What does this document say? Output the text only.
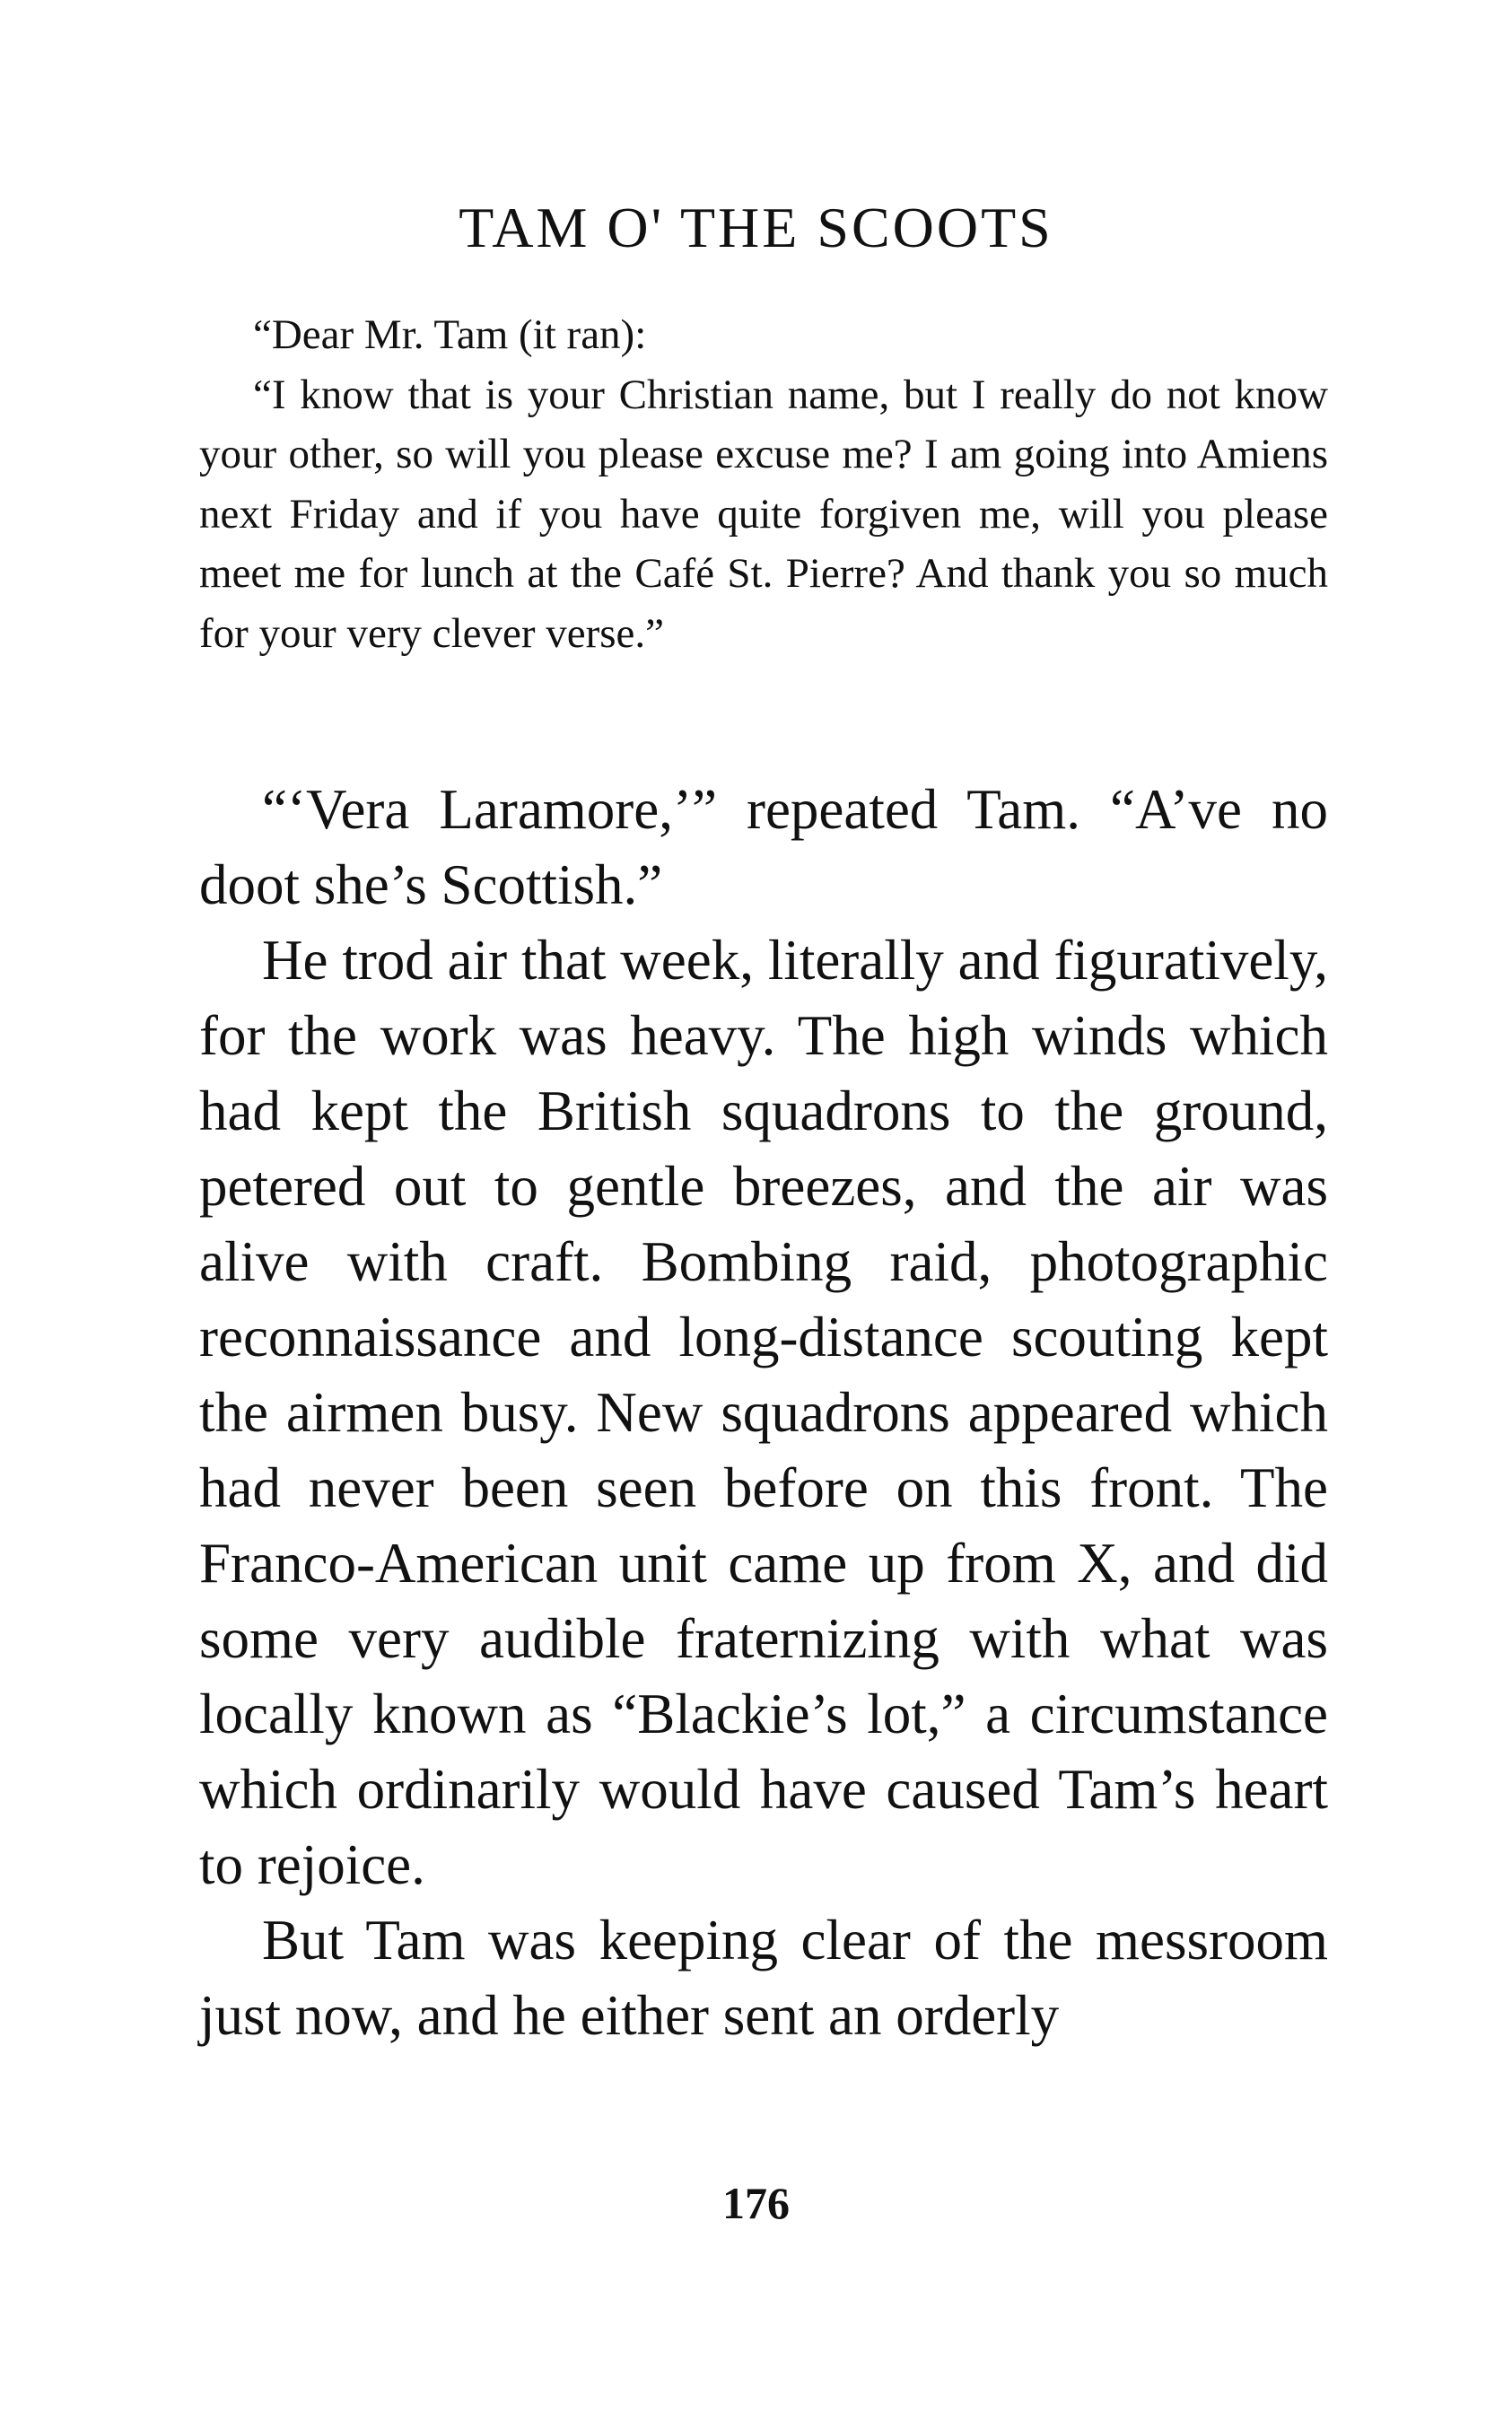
TAM O' THE SCOOTS

“Dear Mr. Tam (it ran):

“I know that is your Christian name, but I really do not know your other, so will you please excuse me? I am going into Amiens next Friday and if you have quite forgiven me, will you please meet me for lunch at the Café St. Pierre? And thank you so much for your very clever verse.”

“‘Vera Laramore,’” repeated Tam. “A’ve no doot she’s Scottish.”

He trod air that week, literally and figuratively, for the work was heavy. The high winds which had kept the British squadrons to the ground, petered out to gentle breezes, and the air was alive with craft. Bombing raid, photographic reconnaissance and long-distance scouting kept the airmen busy. New squadrons appeared which had never been seen before on this front. The Franco-American unit came up from X, and did some very audible fraternizing with what was locally known as “Blackie’s lot,” a circumstance which ordinarily would have caused Tam’s heart to rejoice.

But Tam was keeping clear of the messroom just now, and he either sent an orderly

176
